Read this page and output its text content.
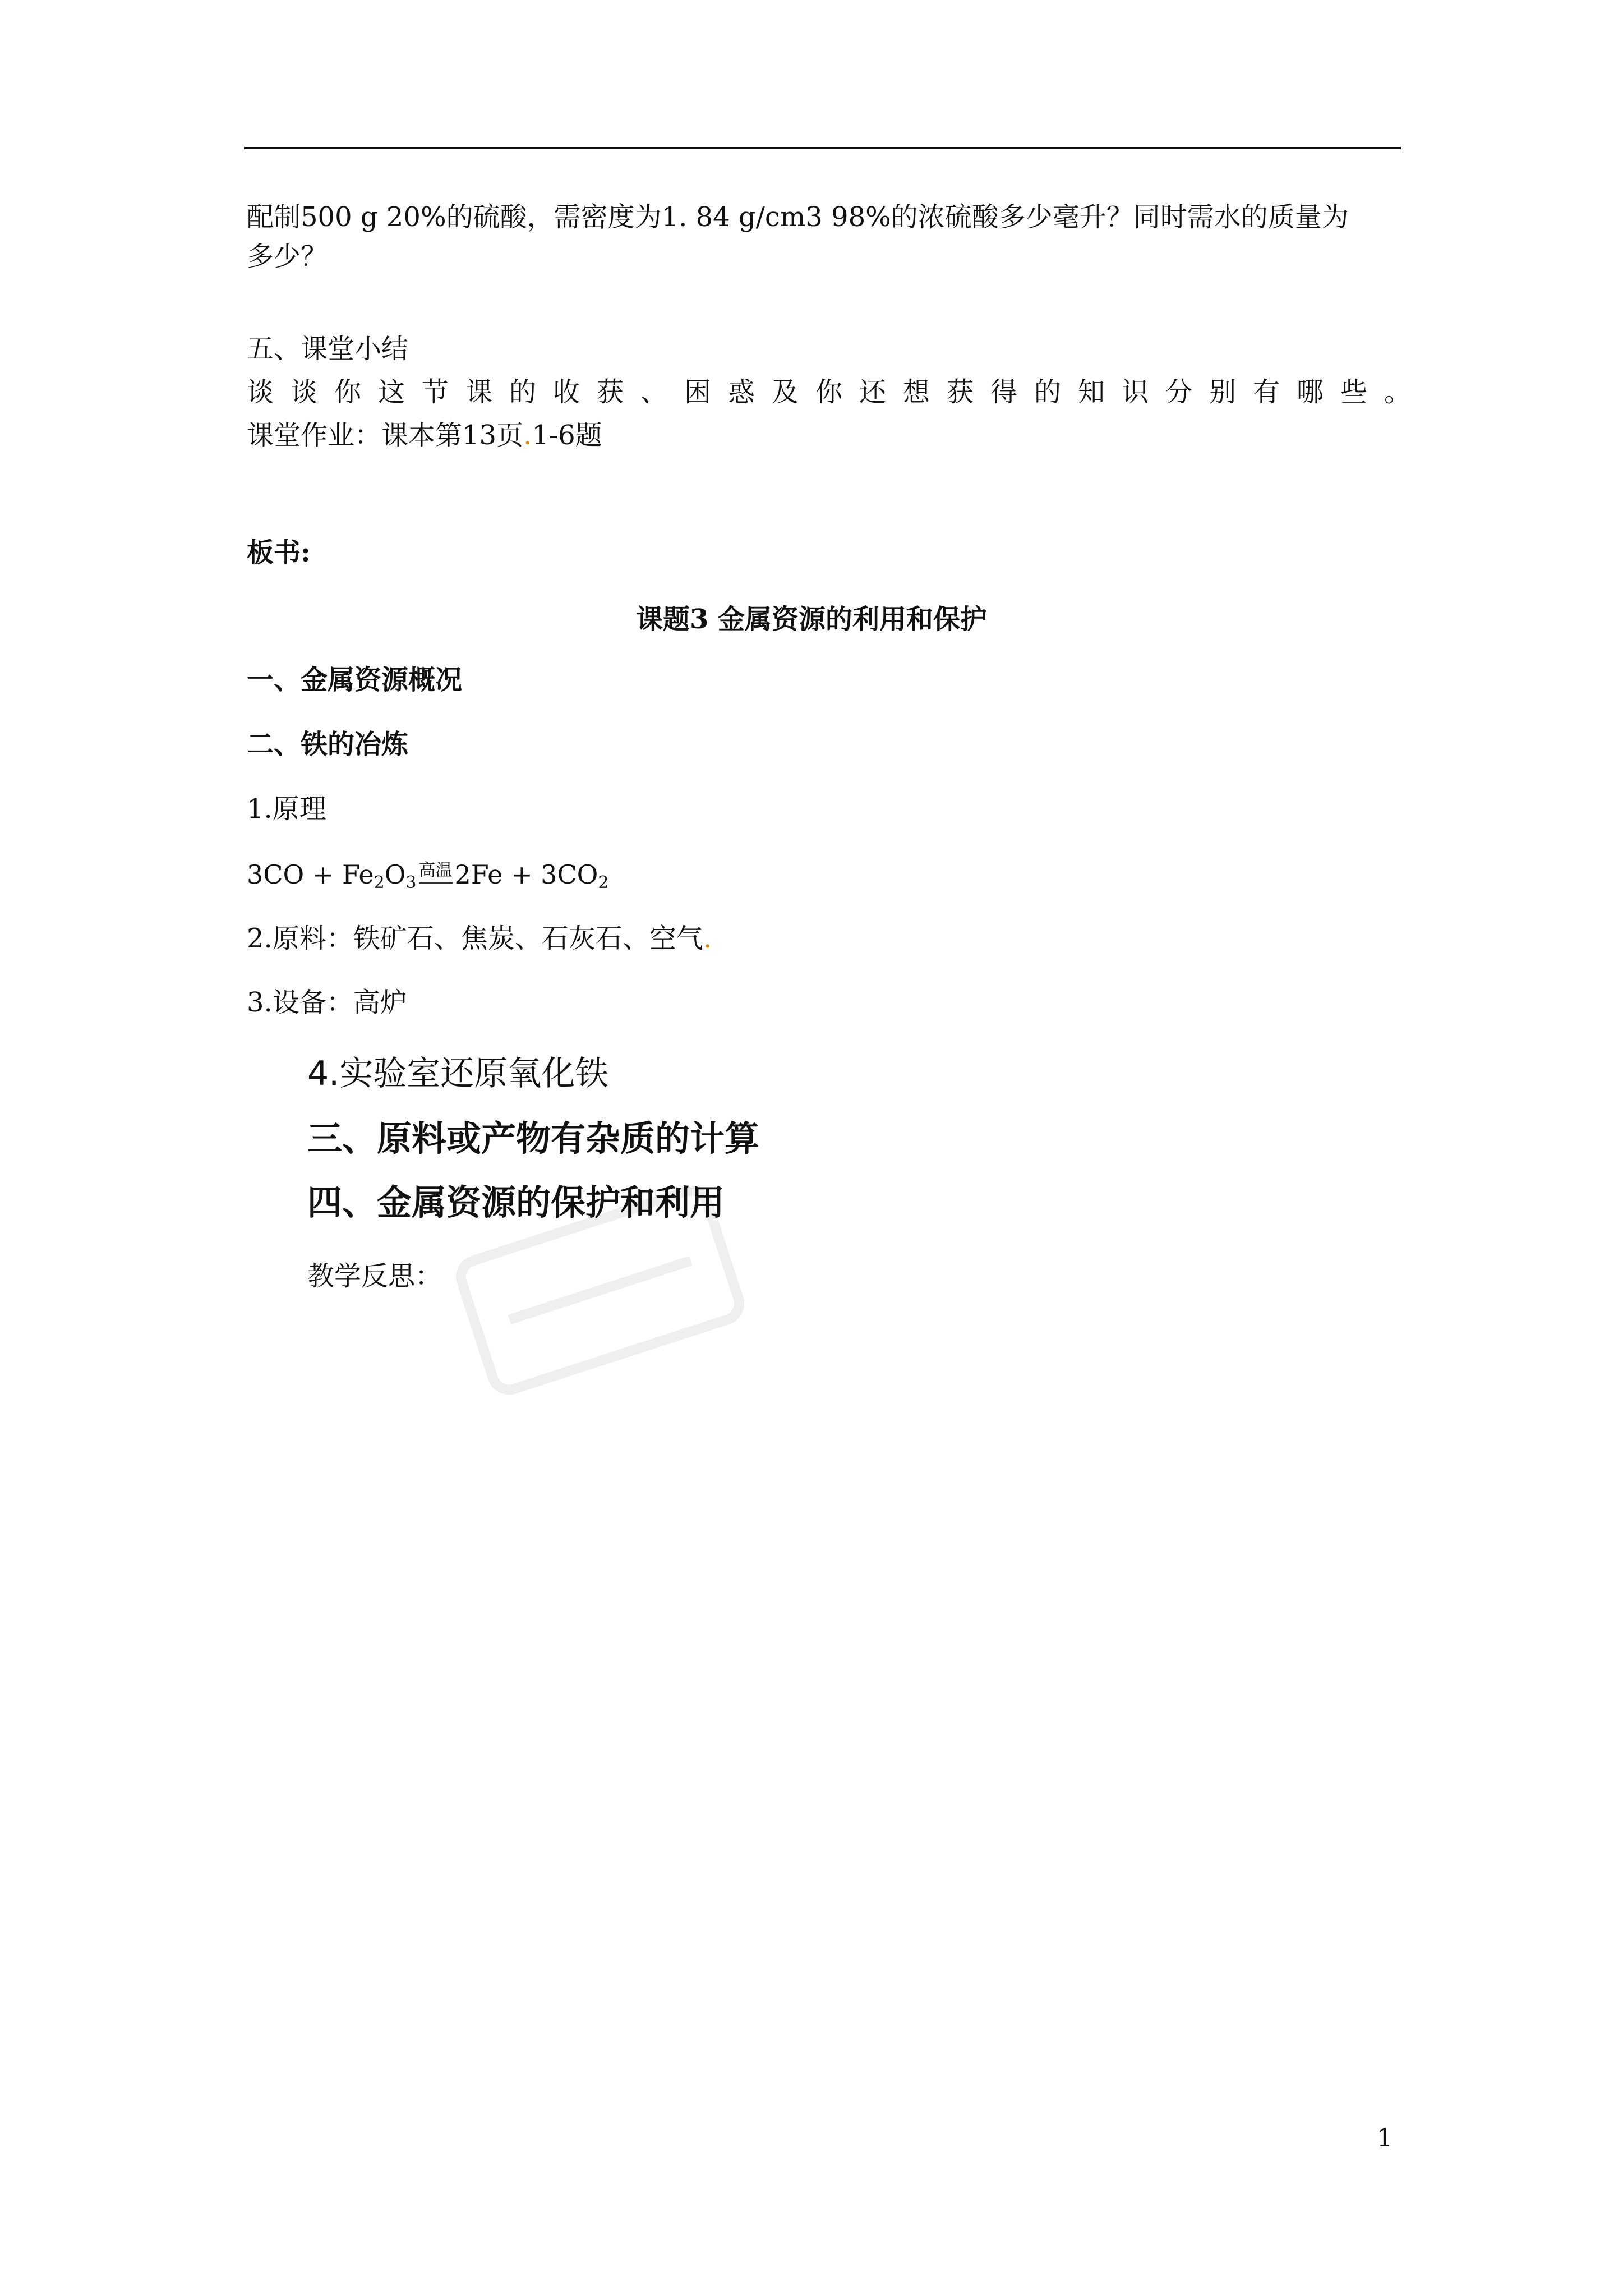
配制500 g 20%的硫酸，需密度为1. 84 g/cm3 98%的浓硫酸多少毫升？同时需水的质量为
多少？
五、课堂小结
谈谈你这节课的收获、困惑及你还想获得的知识分别有哪些。
课堂作业：课本第13页.1-6题
板书:
课题3 金属资源的利用和保护
一、金属资源概况
二、铁的冶炼
1.原理
$3CO + Fe_2O_3$高温$2Fe + 3CO_2$
2.原料：铁矿石、焦炭、石灰石、空气.
3.设备：高炉
4.实验室还原氧化铁
三、原料或产物有杂质的计算
四、金属资源的保护和利用
教学反思：
1
